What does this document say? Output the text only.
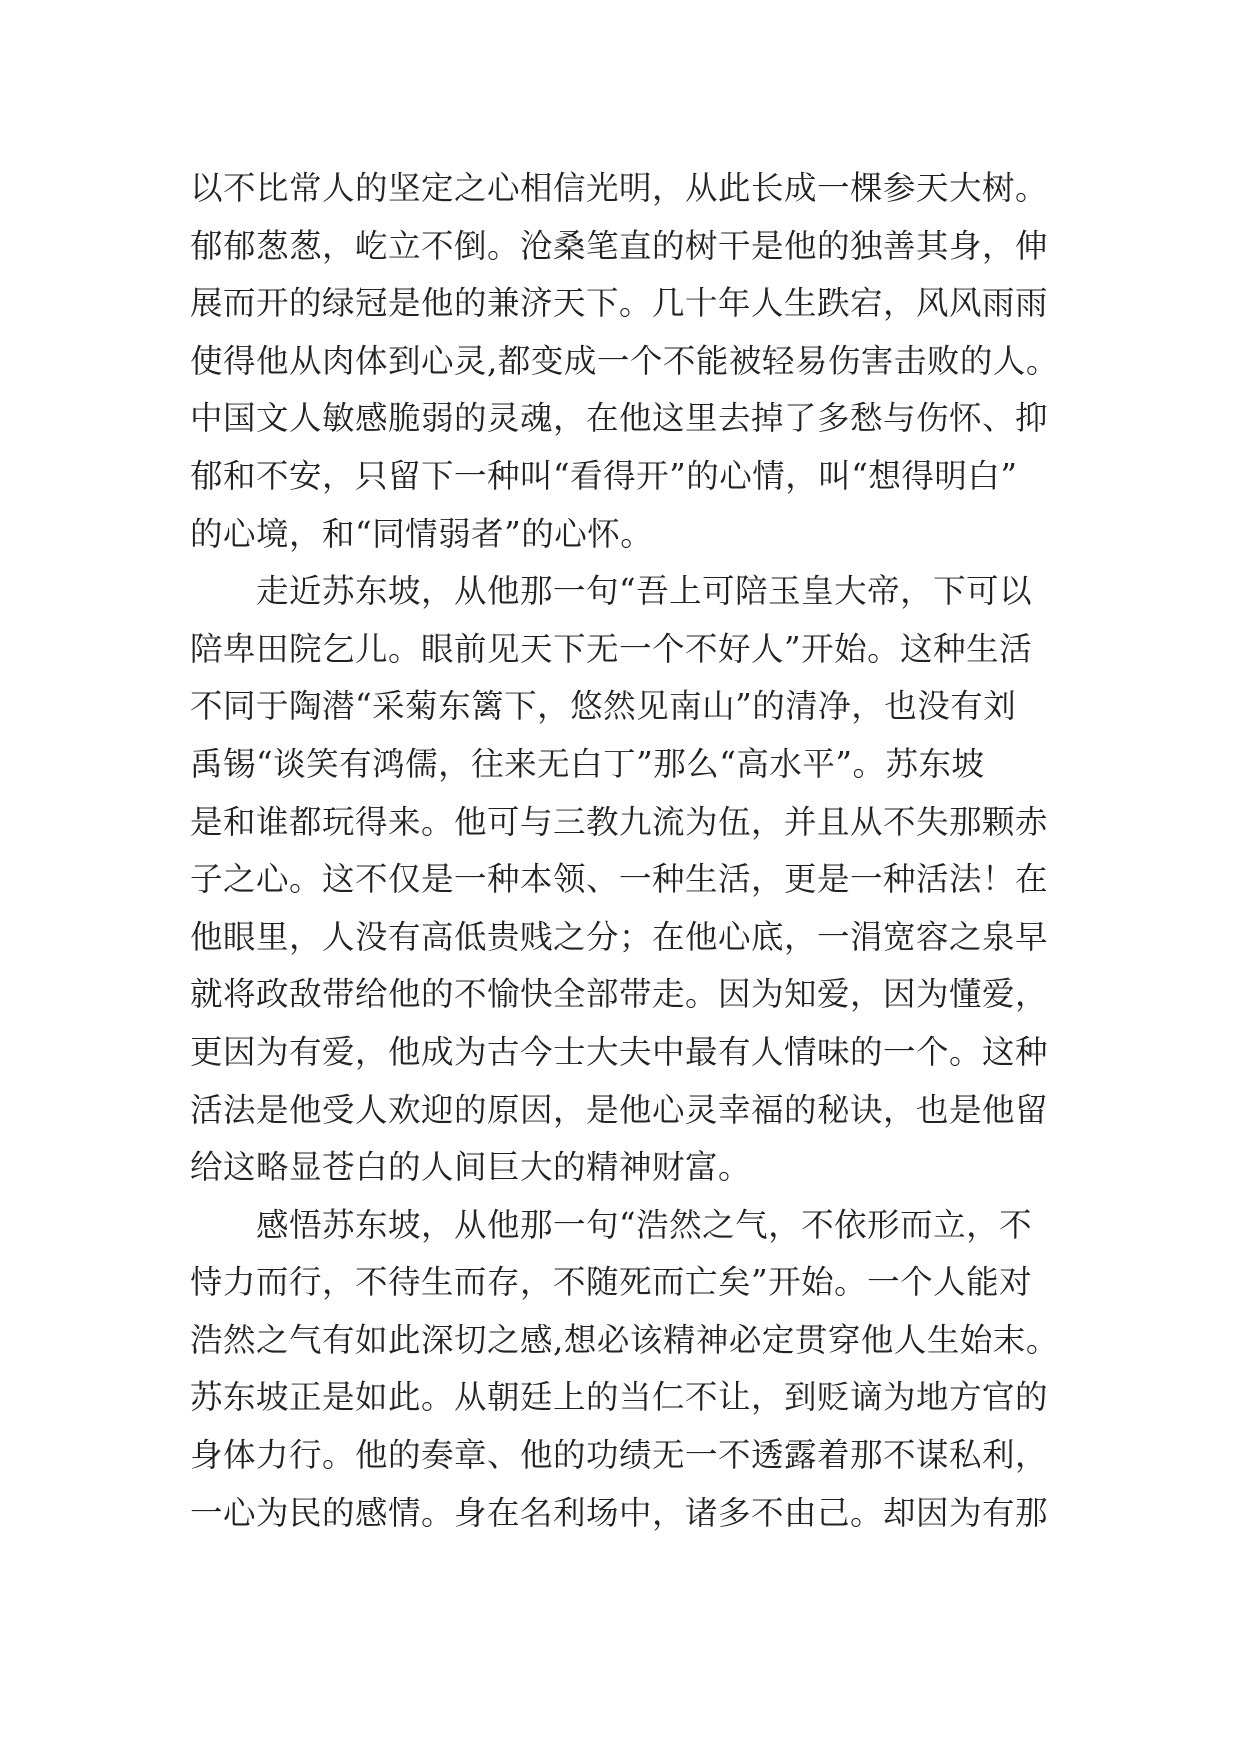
以不比常人的坚定之心相信光明，从此长成一棵参天大树。
郁郁葱葱，屹立不倒。沧桑笔直的树干是他的独善其身，伸
展而开的绿冠是他的兼济天下。几十年人生跌宕，风风雨雨
使得他从肉体到心灵,都变成一个不能被轻易伤害击败的人。
中国文人敏感脆弱的灵魂，在他这里去掉了多愁与伤怀、抑
郁和不安，只留下一种叫“看得开”的心情，叫“想得明白”
的心境，和“同情弱者”的心怀。
　　走近苏东坡，从他那一句“吾上可陪玉皇大帝，下可以
陪卑田院乞儿。眼前见天下无一个不好人”开始。这种生活
不同于陶潜“采菊东篱下，悠然见南山”的清净，也没有刘
禹锡“谈笑有鸿儒，往来无白丁”那么“高水平”。苏东坡
是和谁都玩得来。他可与三教九流为伍，并且从不失那颗赤
子之心。这不仅是一种本领、一种生活，更是一种活法！在
他眼里，人没有高低贵贱之分；在他心底，一涓宽容之泉早
就将政敌带给他的不愉快全部带走。因为知爱，因为懂爱，
更因为有爱，他成为古今士大夫中最有人情味的一个。这种
活法是他受人欢迎的原因，是他心灵幸福的秘诀，也是他留
给这略显苍白的人间巨大的精神财富。
　　感悟苏东坡，从他那一句“浩然之气，不依形而立，不
恃力而行，不待生而存，不随死而亡矣”开始。一个人能对
浩然之气有如此深切之感,想必该精神必定贯穿他人生始末。
苏东坡正是如此。从朝廷上的当仁不让，到贬谪为地方官的
身体力行。他的奏章、他的功绩无一不透露着那不谋私利，
一心为民的感情。身在名利场中，诸多不由己。却因为有那
